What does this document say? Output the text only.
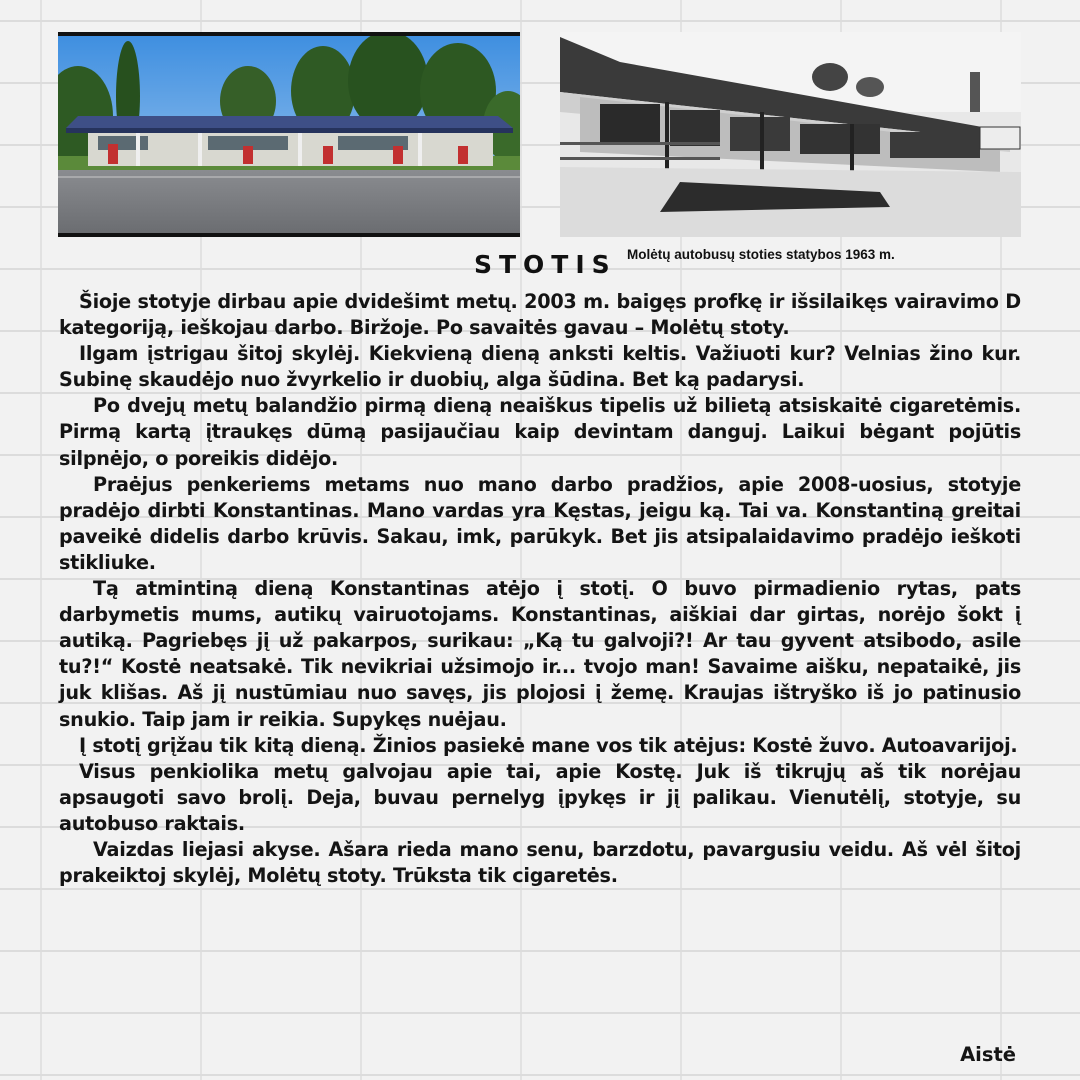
STOTIS Molėtų autobusų stoties statybos 1963 m.

Šioje stotyje dirbau apie dvidešimt metų. 2003 m. baigęs profkę ir išsilaikęs vairavimo D kategoriją, ieškojau darbo. Biržoje. Po savaitės gavau – Molėtų stoty.

Ilgam įstrigau šitoj skylėj. Kiekvieną dieną anksti keltis. Važiuoti kur? Velnias žino kur. Subinę skaudėjo nuo žvyrkelio ir duobių, alga šūdina. Bet ką padarysi.

Po dvejų metų balandžio pirmą dieną neaiškus tipelis už bilietą atsiskaitė cigaretėmis. Pirmą kartą įtraukęs dūmą pasijaučiau kaip devintam danguj. Laikui bėgant pojūtis silpnėjo, o poreikis didėjo.

Praėjus penkeriems metams nuo mano darbo pradžios, apie 2008-uosius, stotyje pradėjo dirbti Konstantinas. Mano vardas yra Kęstas, jeigu ką. Tai va. Konstantiną greitai paveikė didelis darbo krūvis. Sakau, imk, parūkyk. Bet jis atsipalaidavimo pradėjo ieškoti stikliuke.

Tą atmintiną dieną Konstantinas atėjo į stotį. O buvo pirmadienio rytas, pats darbymetis mums, autikų vairuotojams. Konstantinas, aiškiai dar girtas, norėjo šokt į autiką. Pagriebęs jį už pakarpos, surikau: „Ką tu galvoji?! Ar tau gyvent atsibodo, asile tu?!“ Kostė neatsakė. Tik nevikriai užsimojo ir... tvojo man! Savaime aišku, nepataikė, jis juk klišas. Aš jį nustūmiau nuo savęs, jis plojosi į žemę. Kraujas ištryško iš jo patinusio snukio. Taip jam ir reikia. Supykęs nuėjau.

Į stotį grįžau tik kitą dieną. Žinios pasiekė mane vos tik atėjus: Kostė žuvo. Autoavarijoj.

Visus penkiolika metų galvojau apie tai, apie Kostę. Juk iš tikrųjų aš tik norėjau apsaugoti savo brolį. Deja, buvau pernelyg įpykęs ir jį palikau. Vienutėlį, stotyje, su autobuso raktais.

Vaizdas liejasi akyse. Ašara rieda mano senu, barzdotu, pavargusiu veidu. Aš vėl šitoj prakeiktoj skylėj, Molėtų stoty. Trūksta tik cigaretės.

Aistė
